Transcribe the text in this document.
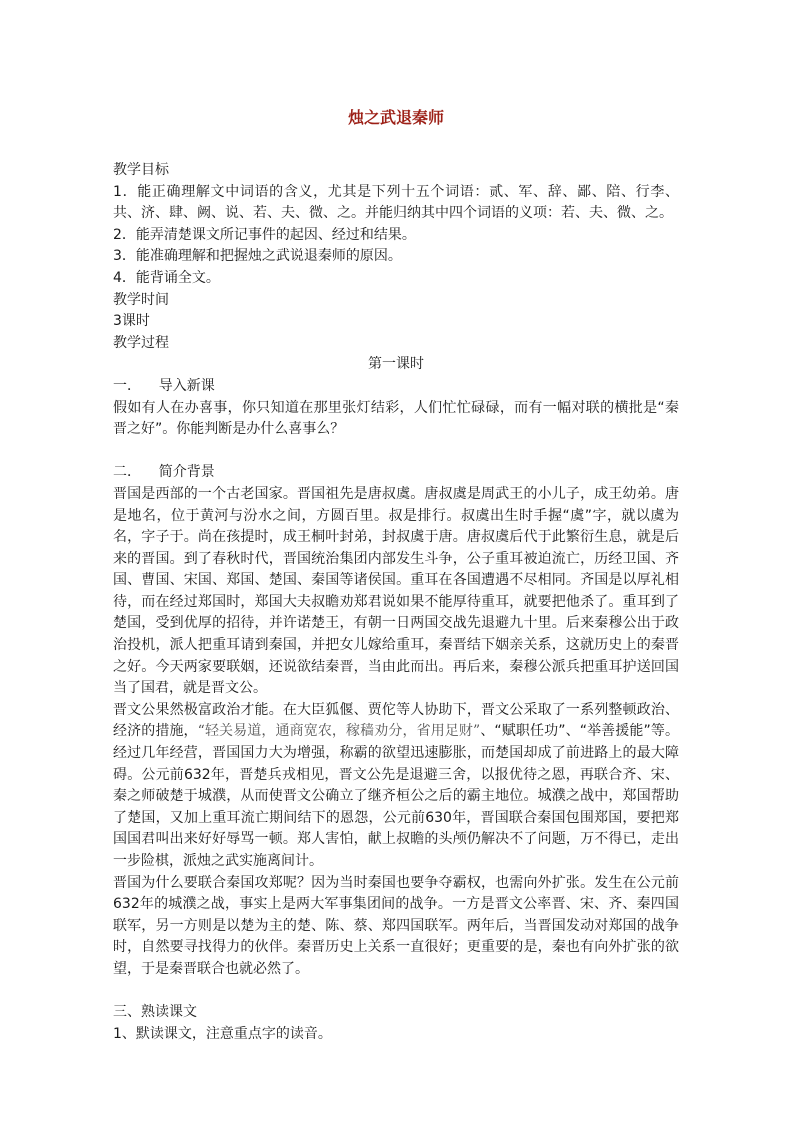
烛之武退秦师

教学目标

1．能正确理解文中词语的含义，尤其是下列十五个词语：贰、军、辞、鄙、陪、行李、共、济、肆、阙、说、若、夫、微、之。并能归纳其中四个词语的义项：若、夫、微、之。

2．能弄清楚课文所记事件的起因、经过和结果。

3．能准确理解和把握烛之武说退秦师的原因。

4．能背诵全文。

教学时间

3课时

教学过程

第一课时

一．    导入新课

假如有人在办喜事，你只知道在那里张灯结彩，人们忙忙碌碌，而有一幅对联的横批是“秦晋之好”。你能判断是办什么喜事么？

二．    简介背景

晋国是西部的一个古老国家。晋国祖先是唐叔虞。唐叔虞是周武王的小儿子，成王幼弟。唐是地名，位于黄河与汾水之间，方圆百里。叔是排行。叔虞出生时手握“虞”字，就以虞为名，字子于。尚在孩提时，成王桐叶封弟，封叔虞于唐。唐叔虞后代于此繁衍生息，就是后来的晋国。到了春秋时代，晋国统治集团内部发生斗争，公子重耳被迫流亡，历经卫国、齐国、曹国、宋国、郑国、楚国、秦国等诸侯国。重耳在各国遭遇不尽相同。齐国是以厚礼相待，而在经过郑国时，郑国大夫叔瞻劝郑君说如果不能厚待重耳，就要把他杀了。重耳到了楚国，受到优厚的招待，并许诺楚王，有朝一日两国交战先退避九十里。后来秦穆公出于政治投机，派人把重耳请到秦国，并把女儿嫁给重耳，秦晋结下姻亲关系，这就历史上的秦晋之好。今天两家要联姻，还说欲结秦晋，当由此而出。再后来，秦穆公派兵把重耳护送回国当了国君，就是晋文公。

晋文公果然极富政治才能。在大臣狐偃、贾佗等人协助下，晋文公采取了一系列整顿政治、经济的措施，“轻关易道，通商宽农，稼穑劝分，省用足财”、“赋职任功”、“举善援能”等。经过几年经营，晋国国力大为增强，称霸的欲望迅速膨胀，而楚国却成了前进路上的最大障碍。公元前632年，晋楚兵戎相见，晋文公先是退避三舍，以报优待之恩，再联合齐、宋、秦之师破楚于城濮，从而使晋文公确立了继齐桓公之后的霸主地位。城濮之战中，郑国帮助了楚国，又加上重耳流亡期间结下的恩怨，公元前630年，晋国联合秦国包围郑国，要把郑国国君叫出来好好辱骂一顿。郑人害怕，献上叔瞻的头颅仍解决不了问题，万不得已，走出一步险棋，派烛之武实施离间计。

晋国为什么要联合秦国攻郑呢？因为当时秦国也要争夺霸权，也需向外扩张。发生在公元前632年的城濮之战，事实上是两大军事集团间的战争。一方是晋文公率晋、宋、齐、秦四国联军，另一方则是以楚为主的楚、陈、蔡、郑四国联军。两年后，当晋国发动对郑国的战争时，自然要寻找得力的伙伴。秦晋历史上关系一直很好；更重要的是，秦也有向外扩张的欲望，于是秦晋联合也就必然了。

三、熟读课文

1、默读课文，注意重点字的读音。
